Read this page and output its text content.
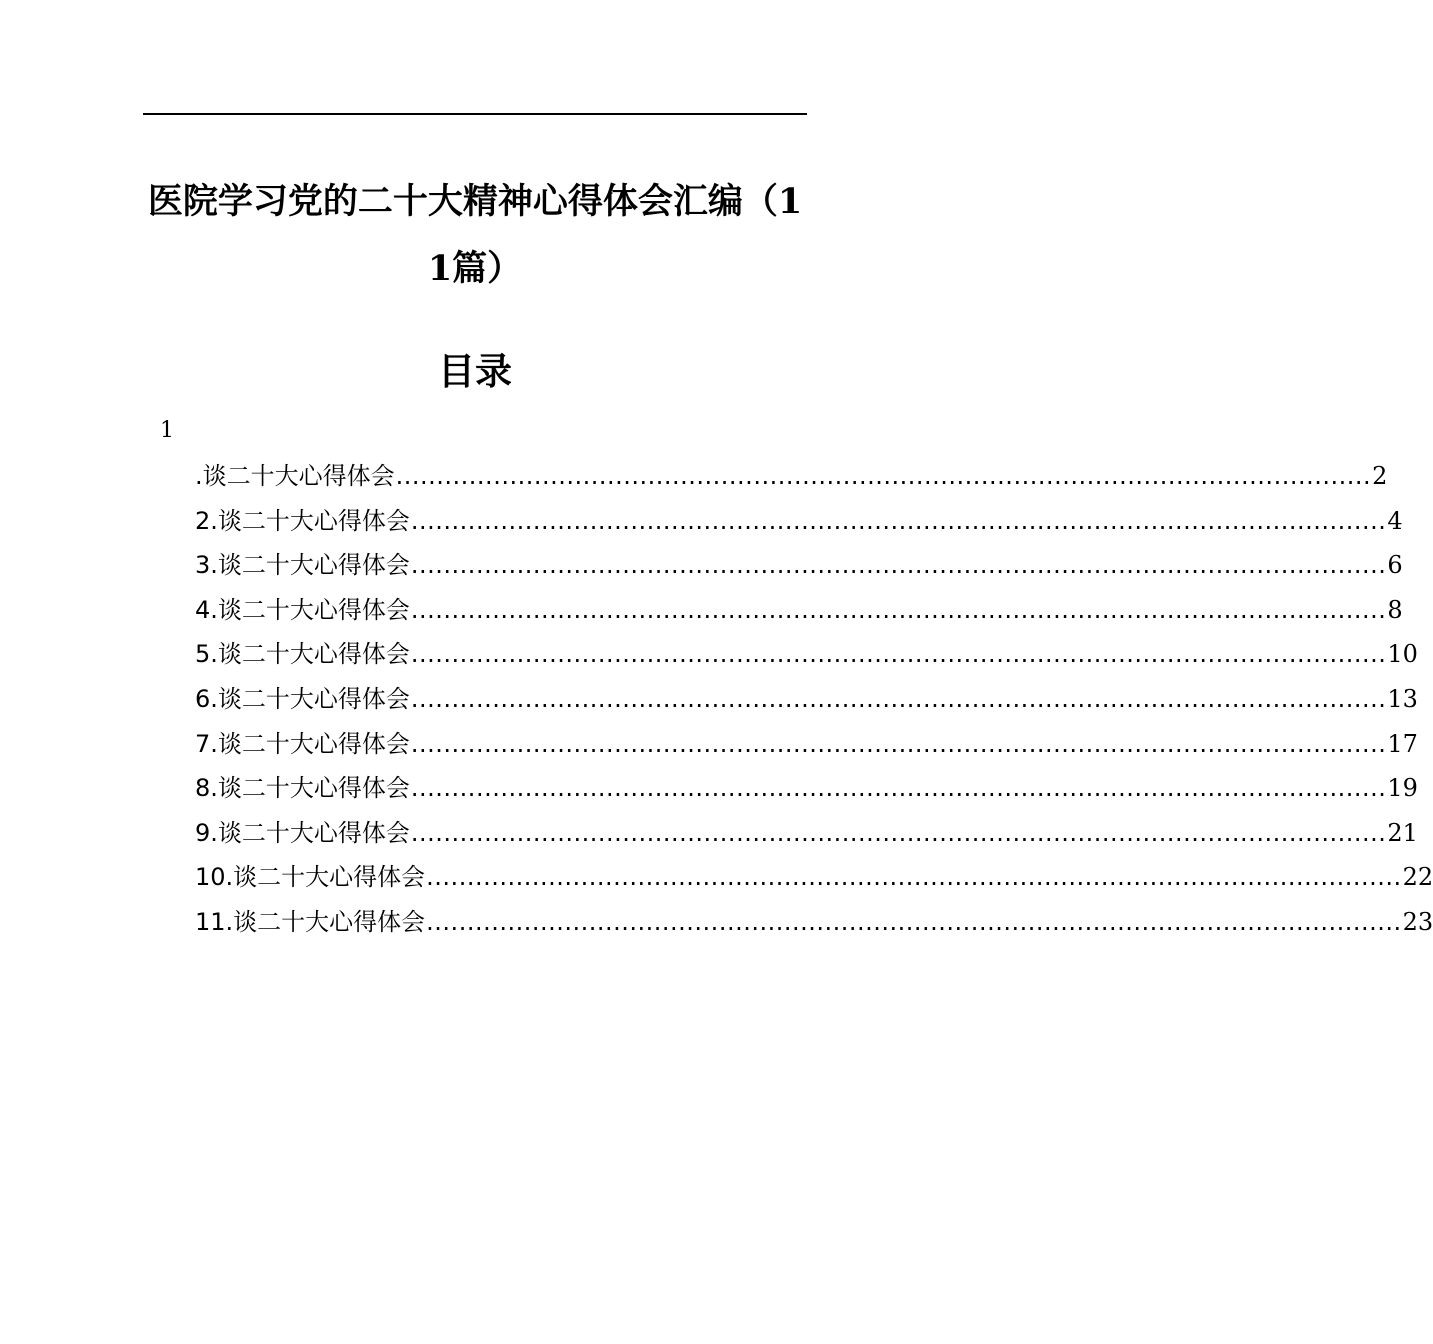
医院学习党的二十大精神心得体会汇编（1
1篇）
目录
1
.谈二十大心得体会 ........................................................................................................................ 2
2.谈二十大心得体会 ........................................................................................................................ 4
3.谈二十大心得体会 ........................................................................................................................ 6
4.谈二十大心得体会 ........................................................................................................................ 8
5.谈二十大心得体会 ........................................................................................................................ 10
6.谈二十大心得体会 ........................................................................................................................ 13
7.谈二十大心得体会 ........................................................................................................................ 17
8.谈二十大心得体会 ........................................................................................................................ 19
9.谈二十大心得体会 ........................................................................................................................ 21
10.谈二十大心得体会 ........................................................................................................................ 22
11.谈二十大心得体会 ........................................................................................................................ 23
